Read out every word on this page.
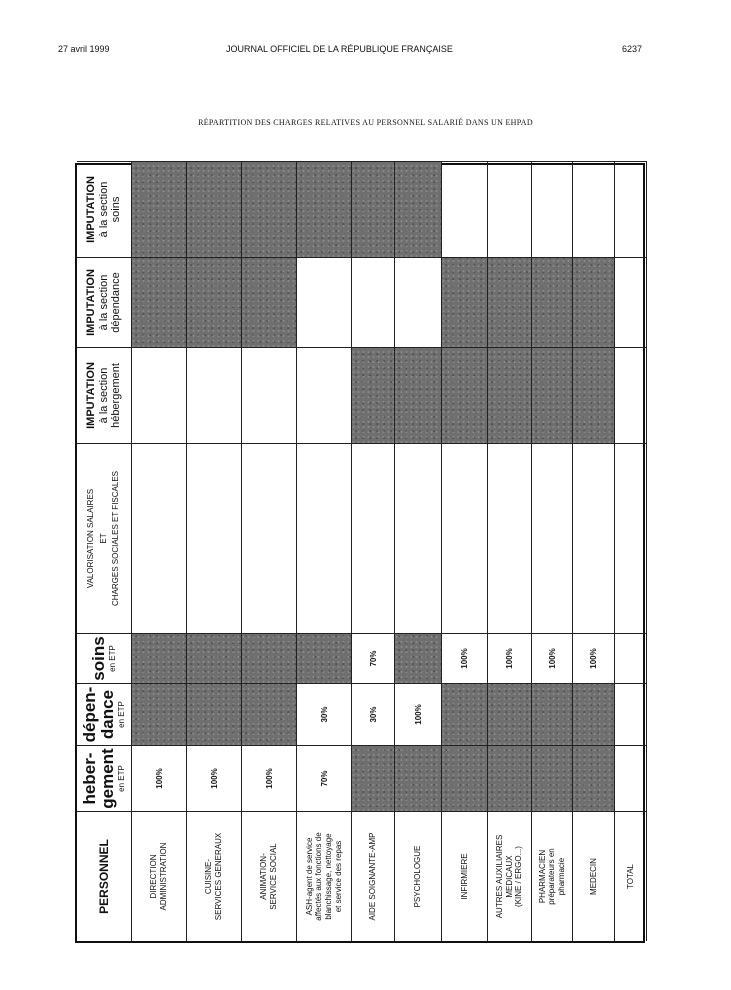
27 avril 1999	JOURNAL OFFICIEL DE LA RÉPUBLIQUE FRANÇAISE	6237
RÉPARTITION DES CHARGES RELATIVES AU PERSONNEL SALARIÉ DANS UN EHPAD
PERSONNEL
heber-
gement en ETP
dépen-
dance en ETP
soins en ETP
VALORISATION SALAIRES ET CHARGES SOCIALES ET FISCALES
IMPUTATION à la section hébergement
IMPUTATION à la section dépendance
IMPUTATION à la section soins
DIRECTION ADMINISTRATION
100%
CUISINE- SERVICES GENERAUX
100%
ANIMATION- SERVICE SOCIAL
100%
ASH-agent de service affectés aux fonctions de blanchissage, nettoyage et service des repas
70%
30%
AIDE SOIGNANTE-AMP
30%
70%
PSYCHOLOGUE
100%
INFIRMIERE
100%
AUTRES AUXILIAIRES MEDICAUX (KINE / ERGO...)
100%
PHARMACIEN préparateurs en pharmacie
100%
MEDECIN
100%
TOTAL
